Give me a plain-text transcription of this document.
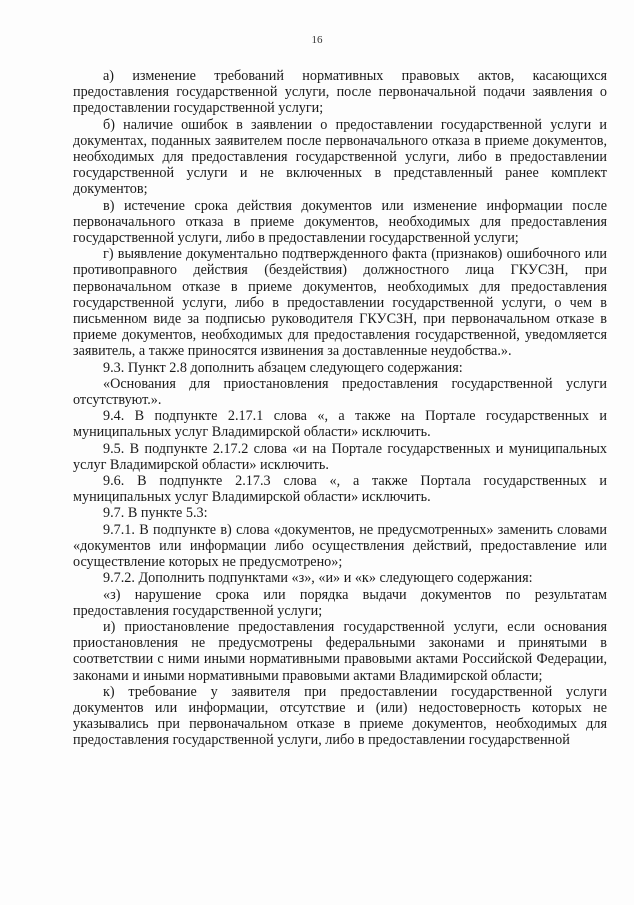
16

а) изменение требований нормативных правовых актов, касающихся предоставления государственной услуги, после первоначальной подачи заявления о предоставлении государственной услуги;

б) наличие ошибок в заявлении о предоставлении государственной услуги и документах, поданных заявителем после первоначального отказа в приеме документов, необходимых для предоставления государственной услуги, либо в предоставлении государственной услуги и не включенных в представленный ранее комплект документов;

в) истечение срока действия документов или изменение информации после первоначального отказа в приеме документов, необходимых для предоставления государственной услуги, либо в предоставлении государственной услуги;

г) выявление документально подтвержденного факта (признаков) ошибочного или противоправного действия (бездействия) должностного лица ГКУСЗН, при первоначальном отказе в приеме документов, необходимых для предоставления государственной услуги, либо в предоставлении государственной услуги, о чем в письменном виде за подписью руководителя ГКУСЗН, при первоначальном отказе в приеме документов, необходимых для предоставления государственной, уведомляется заявитель, а также приносятся извинения за доставленные неудобства.».

9.3. Пункт 2.8 дополнить абзацем следующего содержания:

«Основания для приостановления предоставления государственной услуги отсутствуют.».

9.4. В подпункте 2.17.1 слова «, а также на Портале государственных и муниципальных услуг Владимирской области» исключить.

9.5. В подпункте 2.17.2 слова «и на Портале государственных и муниципальных услуг Владимирской области» исключить.

9.6. В подпункте 2.17.3 слова «, а также Портала государственных и муниципальных услуг Владимирской области» исключить.

9.7. В пункте 5.3:

9.7.1. В подпункте в) слова «документов, не предусмотренных» заменить словами «документов или информации либо осуществления действий, предоставление или осуществление которых не предусмотрено»;

9.7.2. Дополнить подпунктами «з», «и» и «к» следующего содержания:

«з) нарушение срока или порядка выдачи документов по результатам предоставления государственной услуги;

и) приостановление предоставления государственной услуги, если основания приостановления не предусмотрены федеральными законами и принятыми в соответствии с ними иными нормативными правовыми актами Российской Федерации, законами и иными нормативными правовыми актами Владимирской области;

к) требование у заявителя при предоставлении государственной услуги документов или информации, отсутствие и (или) недостоверность которых не указывались при первоначальном отказе в приеме документов, необходимых для предоставления государственной услуги, либо в предоставлении государственной
